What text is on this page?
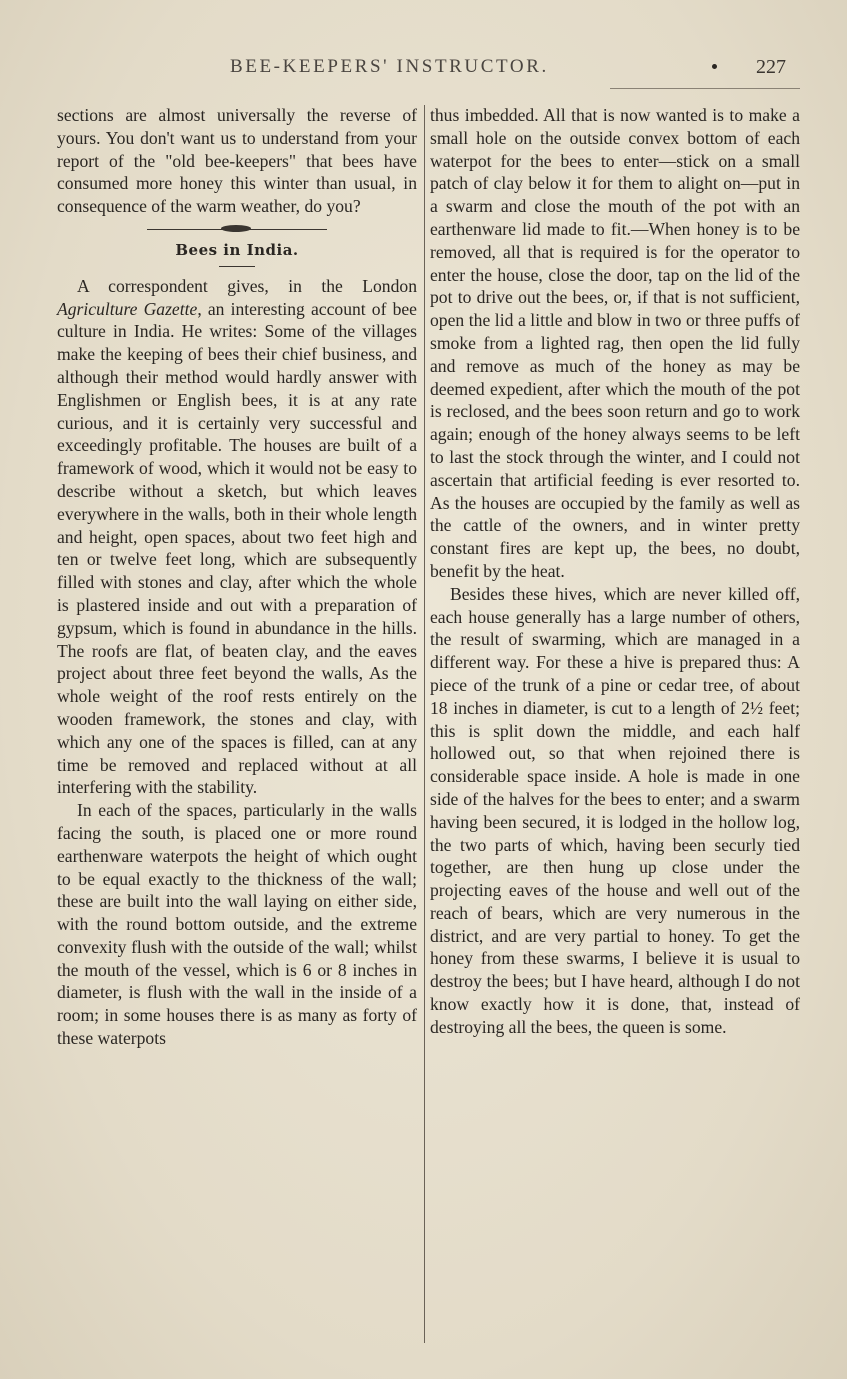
BEE-KEEPERS' INSTRUCTOR.	227

sections are almost universally the reverse of yours. You don't want us to understand from your report of the "old bee-keepers" that bees have consumed more honey this winter than usual, in consequence of the warm weather, do you?

Bees in India.

A correspondent gives, in the London Agriculture Gazette, an interesting account of bee culture in India. He writes: Some of the villages make the keeping of bees their chief business, and although their method would hardly answer with Englishmen or English bees, it is at any rate curious, and it is certainly very successful and exceedingly profitable. The houses are built of a framework of wood, which it would not be easy to describe without a sketch, but which leaves everywhere in the walls, both in their whole length and height, open spaces, about two feet high and ten or twelve feet long, which are subsequently filled with stones and clay, after which the whole is plastered inside and out with a preparation of gypsum, which is found in abundance in the hills. The roofs are flat, of beaten clay, and the eaves project about three feet beyond the walls, As the whole weight of the roof rests entirely on the wooden framework, the stones and clay, with which any one of the spaces is filled, can at any time be removed and replaced without at all interfering with the stability.

In each of the spaces, particularly in the walls facing the south, is placed one or more round earthenware waterpots the height of which ought to be equal exactly to the thickness of the wall; these are built into the wall laying on either side, with the round bottom outside, and the extreme convexity flush with the outside of the wall; whilst the mouth of the vessel, which is 6 or 8 inches in diameter, is flush with the wall in the inside of a room; in some houses there is as many as forty of these waterpots

thus imbedded. All that is now wanted is to make a small hole on the outside convex bottom of each waterpot for the bees to enter—stick on a small patch of clay below it for them to alight on—put in a swarm and close the mouth of the pot with an earthenware lid made to fit.—When honey is to be removed, all that is required is for the operator to enter the house, close the door, tap on the lid of the pot to drive out the bees, or, if that is not sufficient, open the lid a little and blow in two or three puffs of smoke from a lighted rag, then open the lid fully and remove as much of the honey as may be deemed expedient, after which the mouth of the pot is reclosed, and the bees soon return and go to work again; enough of the honey always seems to be left to last the stock through the winter, and I could not ascertain that artificial feeding is ever resorted to. As the houses are occupied by the family as well as the cattle of the owners, and in winter pretty constant fires are kept up, the bees, no doubt, benefit by the heat.

Besides these hives, which are never killed off, each house generally has a large number of others, the result of swarming, which are managed in a different way. For these a hive is prepared thus: A piece of the trunk of a pine or cedar tree, of about 18 inches in diameter, is cut to a length of 2½ feet; this is split down the middle, and each half hollowed out, so that when rejoined there is considerable space inside. A hole is made in one side of the halves for the bees to enter; and a swarm having been secured, it is lodged in the hollow log, the two parts of which, having been securly tied together, are then hung up close under the projecting eaves of the house and well out of the reach of bears, which are very numerous in the district, and are very partial to honey. To get the honey from these swarms, I believe it is usual to destroy the bees; but I have heard, although I do not know exactly how it is done, that, instead of destroying all the bees, the queen is some.
